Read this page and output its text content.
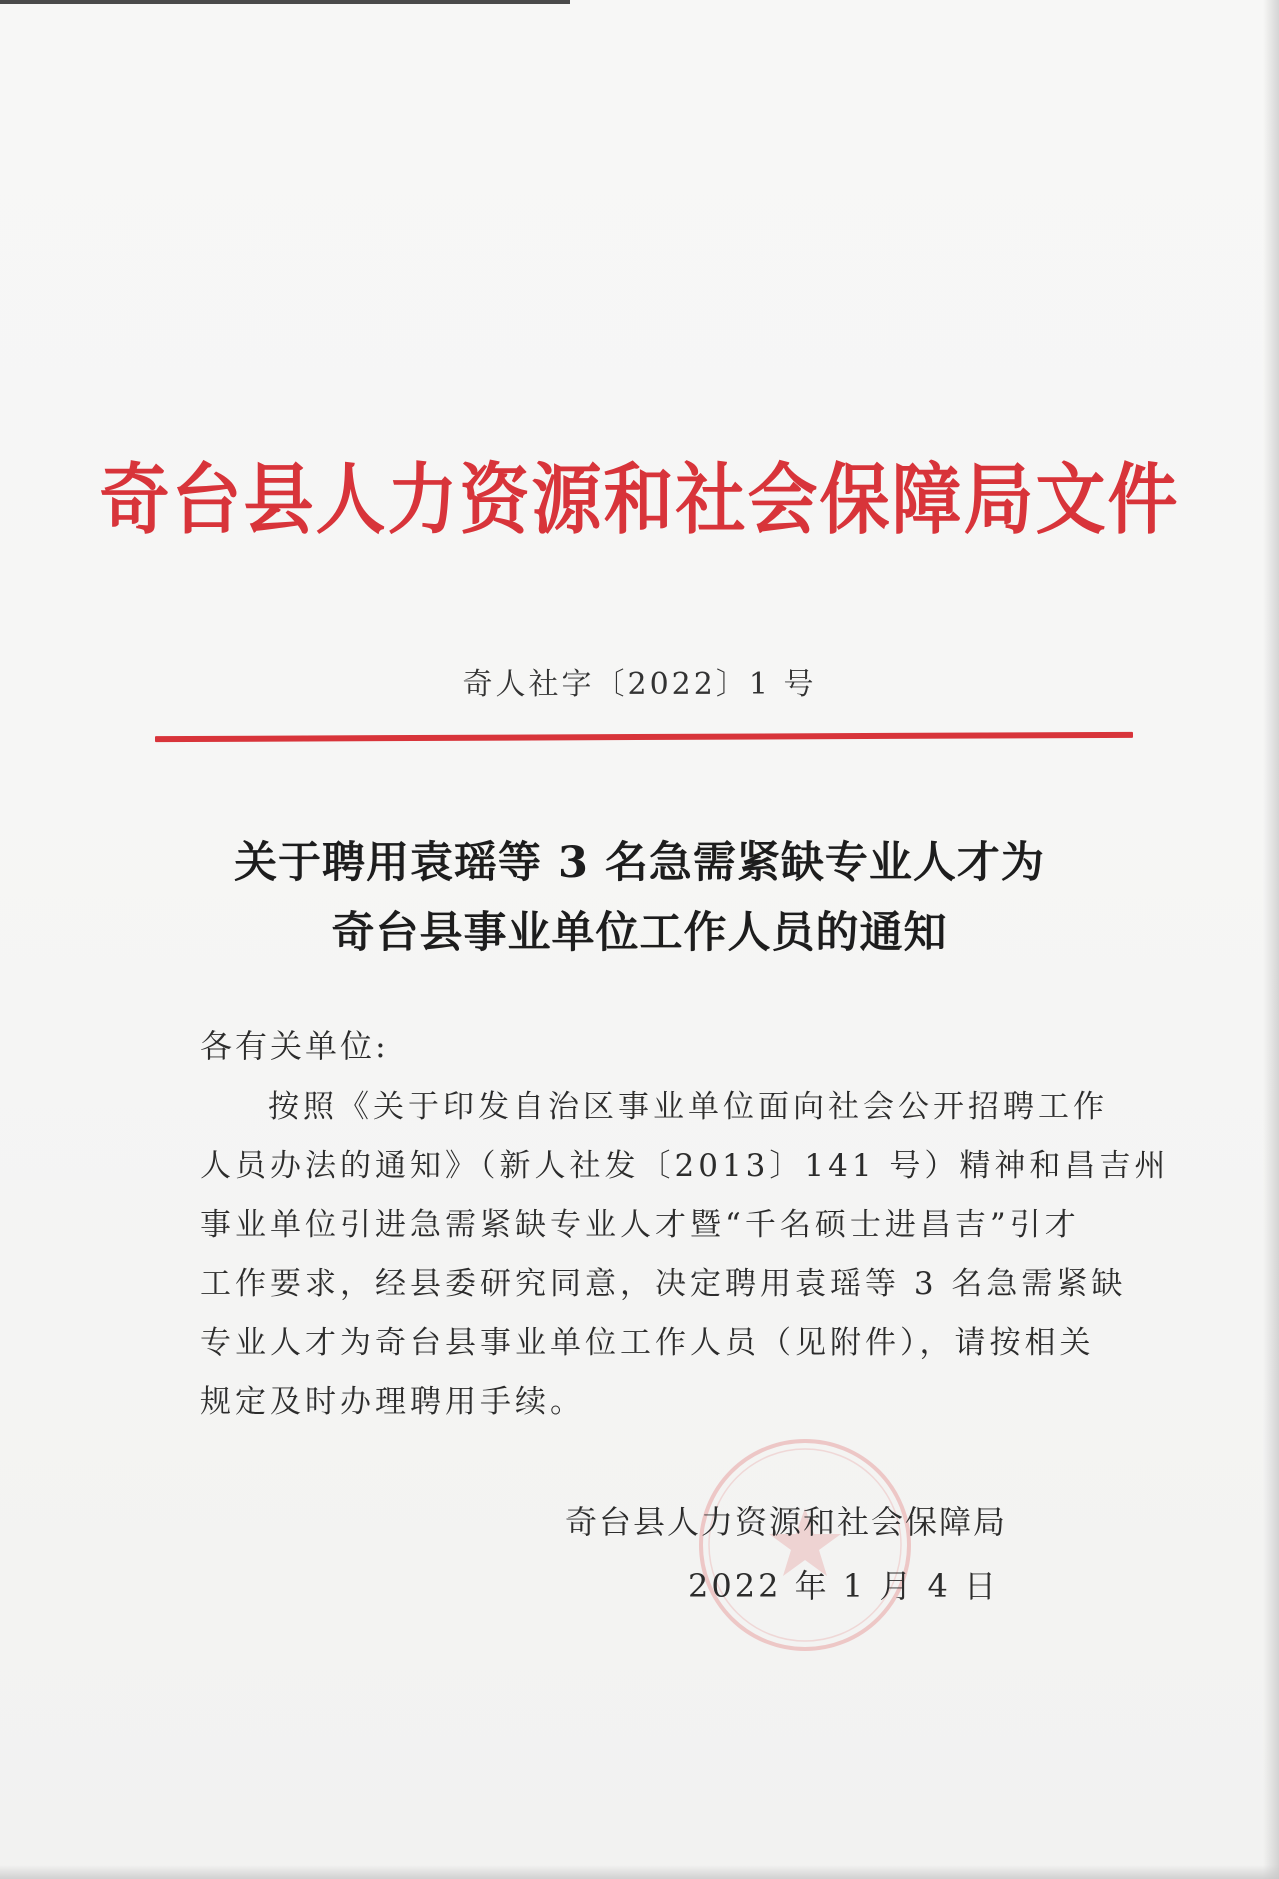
奇台县人力资源和社会保障局文件
奇人社字〔2022〕1 号
关于聘用袁瑶等 3 名急需紧缺专业人才为
奇台县事业单位工作人员的通知
各有关单位:
按照《关于印发自治区事业单位面向社会公开招聘工作
人员办法的通知》（新人社发〔2013〕141 号）精神和昌吉州
事业单位引进急需紧缺专业人才暨“千名硕士进昌吉”引才
工作要求，经县委研究同意，决定聘用袁瑶等 3 名急需紧缺
专业人才为奇台县事业单位工作人员（见附件），请按相关
规定及时办理聘用手续。
奇台县人力资源和社会保障局
2022 年 1 月 4 日
